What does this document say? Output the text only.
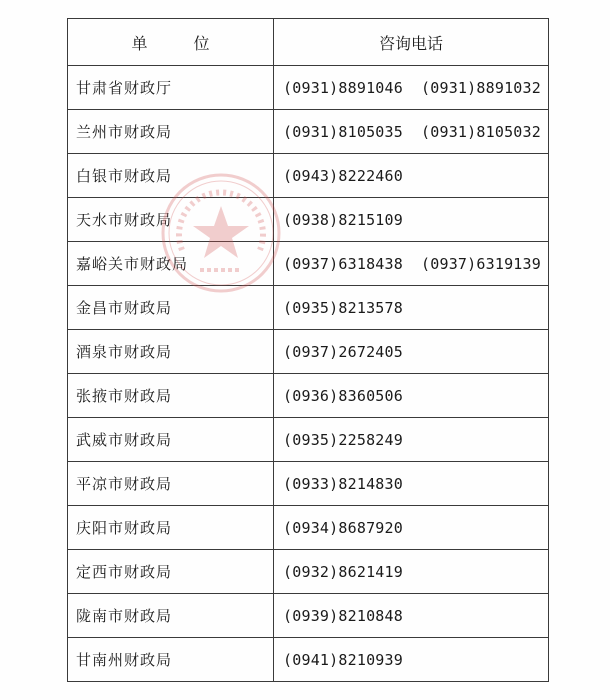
单 位	咨询电话
甘肃省财政厅	(0931)8891046 (0931)8891032
兰州市财政局	(0931)8105035 (0931)8105032
白银市财政局	(0943)8222460
天水市财政局	(0938)8215109
嘉峪关市财政局	(0937)6318438 (0937)6319139
金昌市财政局	(0935)8213578
酒泉市财政局	(0937)2672405
张掖市财政局	(0936)8360506
武威市财政局	(0935)2258249
平凉市财政局	(0933)8214830
庆阳市财政局	(0934)8687920
定西市财政局	(0932)8621419
陇南市财政局	(0939)8210848
甘南州财政局	(0941)8210939
